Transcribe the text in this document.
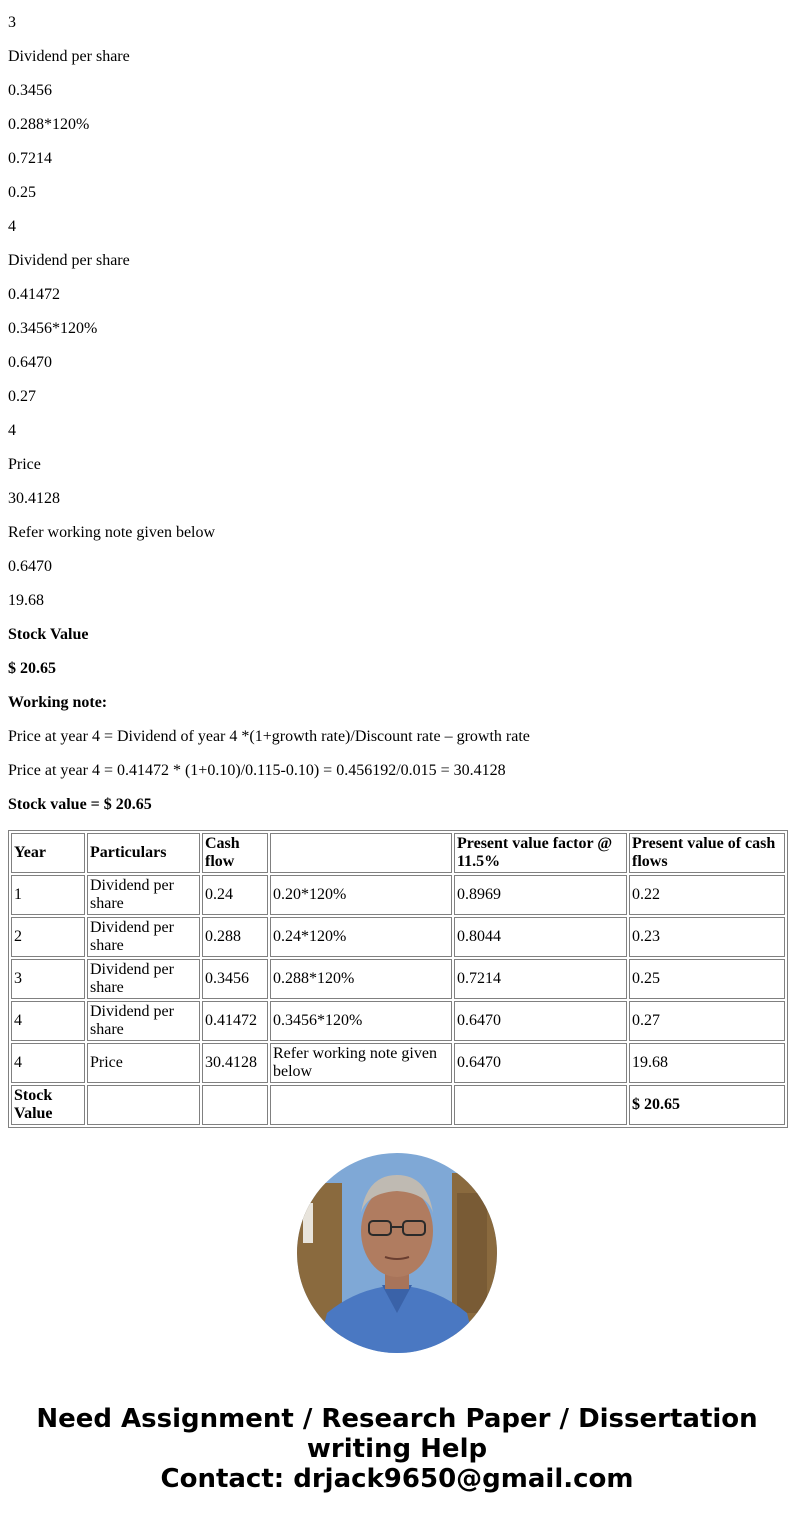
3

Dividend per share

0.3456

0.288*120%

0.7214

0.25

4

Dividend per share

0.41472

0.3456*120%

0.6470

0.27

4

Price

30.4128

Refer working note given below

0.6470

19.68

Stock Value

$ 20.65

Working note:

Price at year 4 = Dividend of year 4 *(1+growth rate)/Discount rate – growth rate

Price at year 4 = 0.41472 * (1+0.10)/0.115-0.10) = 0.456192/0.015 = 30.4128

Stock value = $ 20.65

Year	Particulars	Cash flow		Present value factor @ 11.5%	Present value of cash flows
1	Dividend per share	0.24	0.20*120%	0.8969	0.22
2	Dividend per share	0.288	0.24*120%	0.8044	0.23
3	Dividend per share	0.3456	0.288*120%	0.7214	0.25
4	Dividend per share	0.41472	0.3456*120%	0.6470	0.27
4	Price	30.4128	Refer working note given below	0.6470	19.68
Stock Value					$ 20.65
Need Assignment / Research Paper / Dissertation
writing Help
Contact: drjack9650@gmail.com
